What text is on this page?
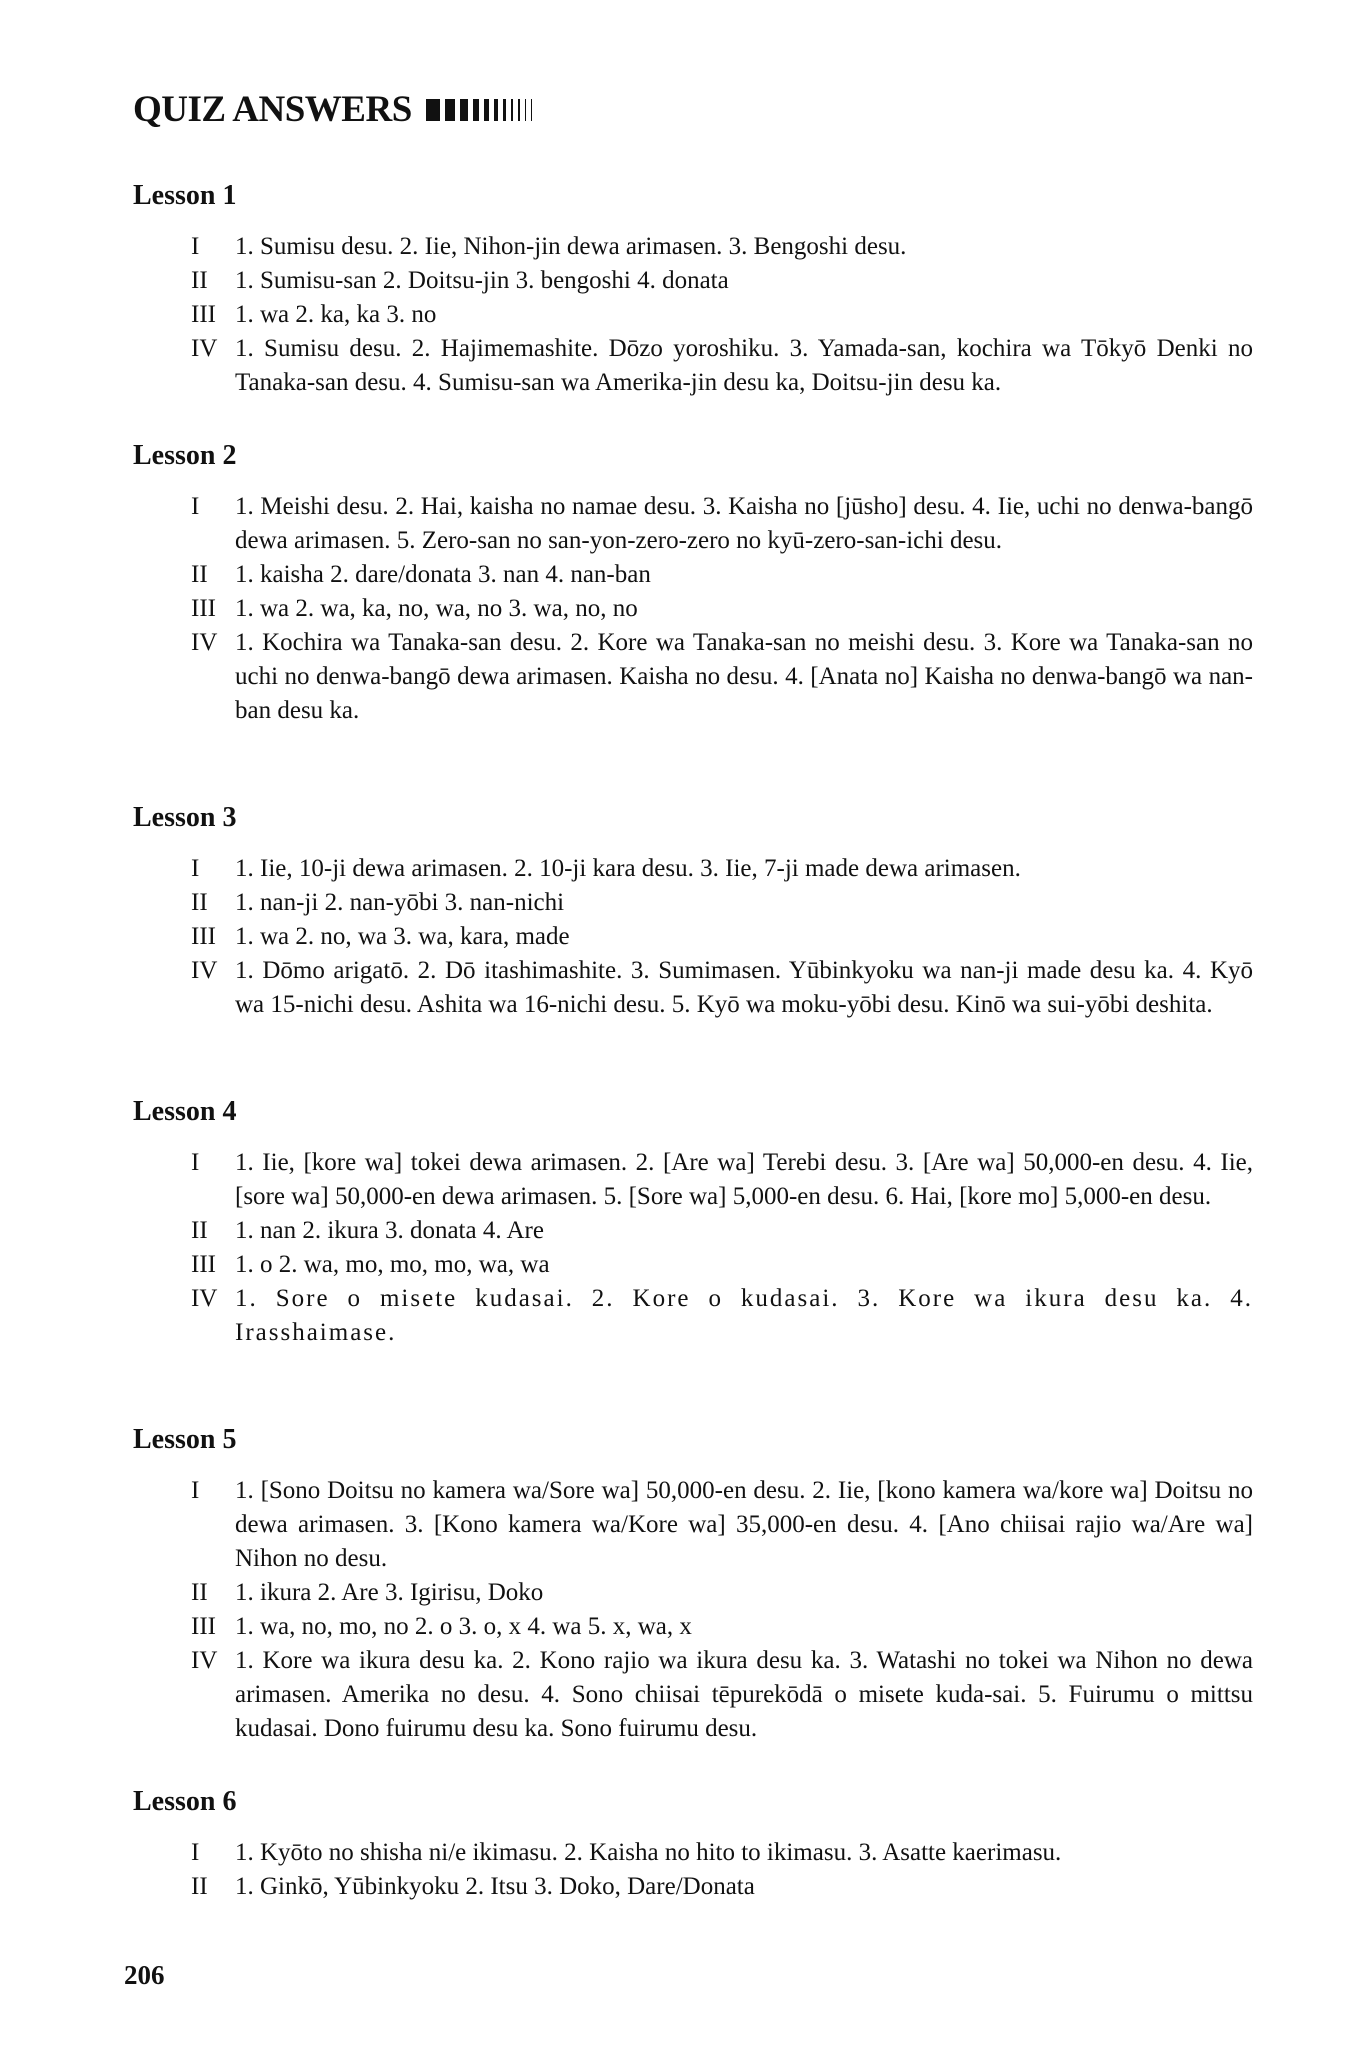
QUIZ ANSWERS
Lesson 1
I	1. Sumisu desu. 2. Iie, Nihon-jin dewa arimasen. 3. Bengoshi desu.
II	1. Sumisu-san 2. Doitsu-jin 3. bengoshi 4. donata
III 1. wa 2. ka, ka 3. no
IV 1. Sumisu desu. 2. Hajimemashite. Dōzo yoroshiku. 3. Yamada-san, kochira wa Tōkyō Denki no Tanaka-san desu. 4. Sumisu-san wa Amerika-jin desu ka, Doitsu-jin desu ka.
Lesson 2
I	1. Meishi desu. 2. Hai, kaisha no namae desu. 3. Kaisha no [jūsho] desu. 4. Iie, uchi no denwa-bangō dewa arimasen. 5. Zero-san no san-yon-zero-zero no kyū-zero-san-ichi desu.
II	1. kaisha 2. dare/donata 3. nan 4. nan-ban
III 1. wa 2. wa, ka, no, wa, no 3. wa, no, no
IV 1. Kochira wa Tanaka-san desu. 2. Kore wa Tanaka-san no meishi desu. 3. Kore wa Tanaka-san no uchi no denwa-bangō dewa arimasen. Kaisha no desu. 4. [Anata no] Kaisha no denwa-bangō wa nan-ban desu ka.
Lesson 3
I	1. Iie, 10-ji dewa arimasen. 2. 10-ji kara desu. 3. Iie, 7-ji made dewa arimasen.
II	1. nan-ji 2. nan-yōbi 3. nan-nichi
III 1. wa 2. no, wa 3. wa, kara, made
IV 1. Dōmo arigatō. 2. Dō itashimashite. 3. Sumimasen. Yūbinkyoku wa nan-ji made desu ka. 4. Kyō wa 15-nichi desu. Ashita wa 16-nichi desu. 5. Kyō wa moku-yōbi desu. Kinō wa sui-yōbi deshita.
Lesson 4
I	1. Iie, [kore wa] tokei dewa arimasen. 2. [Are wa] Terebi desu. 3. [Are wa] 50,000-en desu. 4. Iie, [sore wa] 50,000-en dewa arimasen. 5. [Sore wa] 5,000-en desu. 6. Hai, [kore mo] 5,000-en desu.
II	1. nan 2. ikura 3. donata 4. Are
III 1. o 2. wa, mo, mo, mo, wa, wa
IV 1. Sore o misete kudasai. 2. Kore o kudasai. 3. Kore wa ikura desu ka. 4. Irasshaimase.
Lesson 5
I	1. [Sono Doitsu no kamera wa/Sore wa] 50,000-en desu. 2. Iie, [kono kamera wa/kore wa] Doitsu no dewa arimasen. 3. [Kono kamera wa/Kore wa] 35,000-en desu. 4. [Ano chiisai rajio wa/Are wa] Nihon no desu.
II	1. ikura 2. Are 3. Igirisu, Doko
III 1. wa, no, mo, no 2. o 3. o, x 4. wa 5. x, wa, x
IV 1. Kore wa ikura desu ka. 2. Kono rajio wa ikura desu ka. 3. Watashi no tokei wa Nihon no dewa arimasen. Amerika no desu. 4. Sono chiisai tēpurekōdā o misete kuda-sai. 5. Fuirumu o mittsu kudasai. Dono fuirumu desu ka. Sono fuirumu desu.
Lesson 6
I	1. Kyōto no shisha ni/e ikimasu. 2. Kaisha no hito to ikimasu. 3. Asatte kaerimasu.
II	1. Ginkō, Yūbinkyoku 2. Itsu 3. Doko, Dare/Donata
206
